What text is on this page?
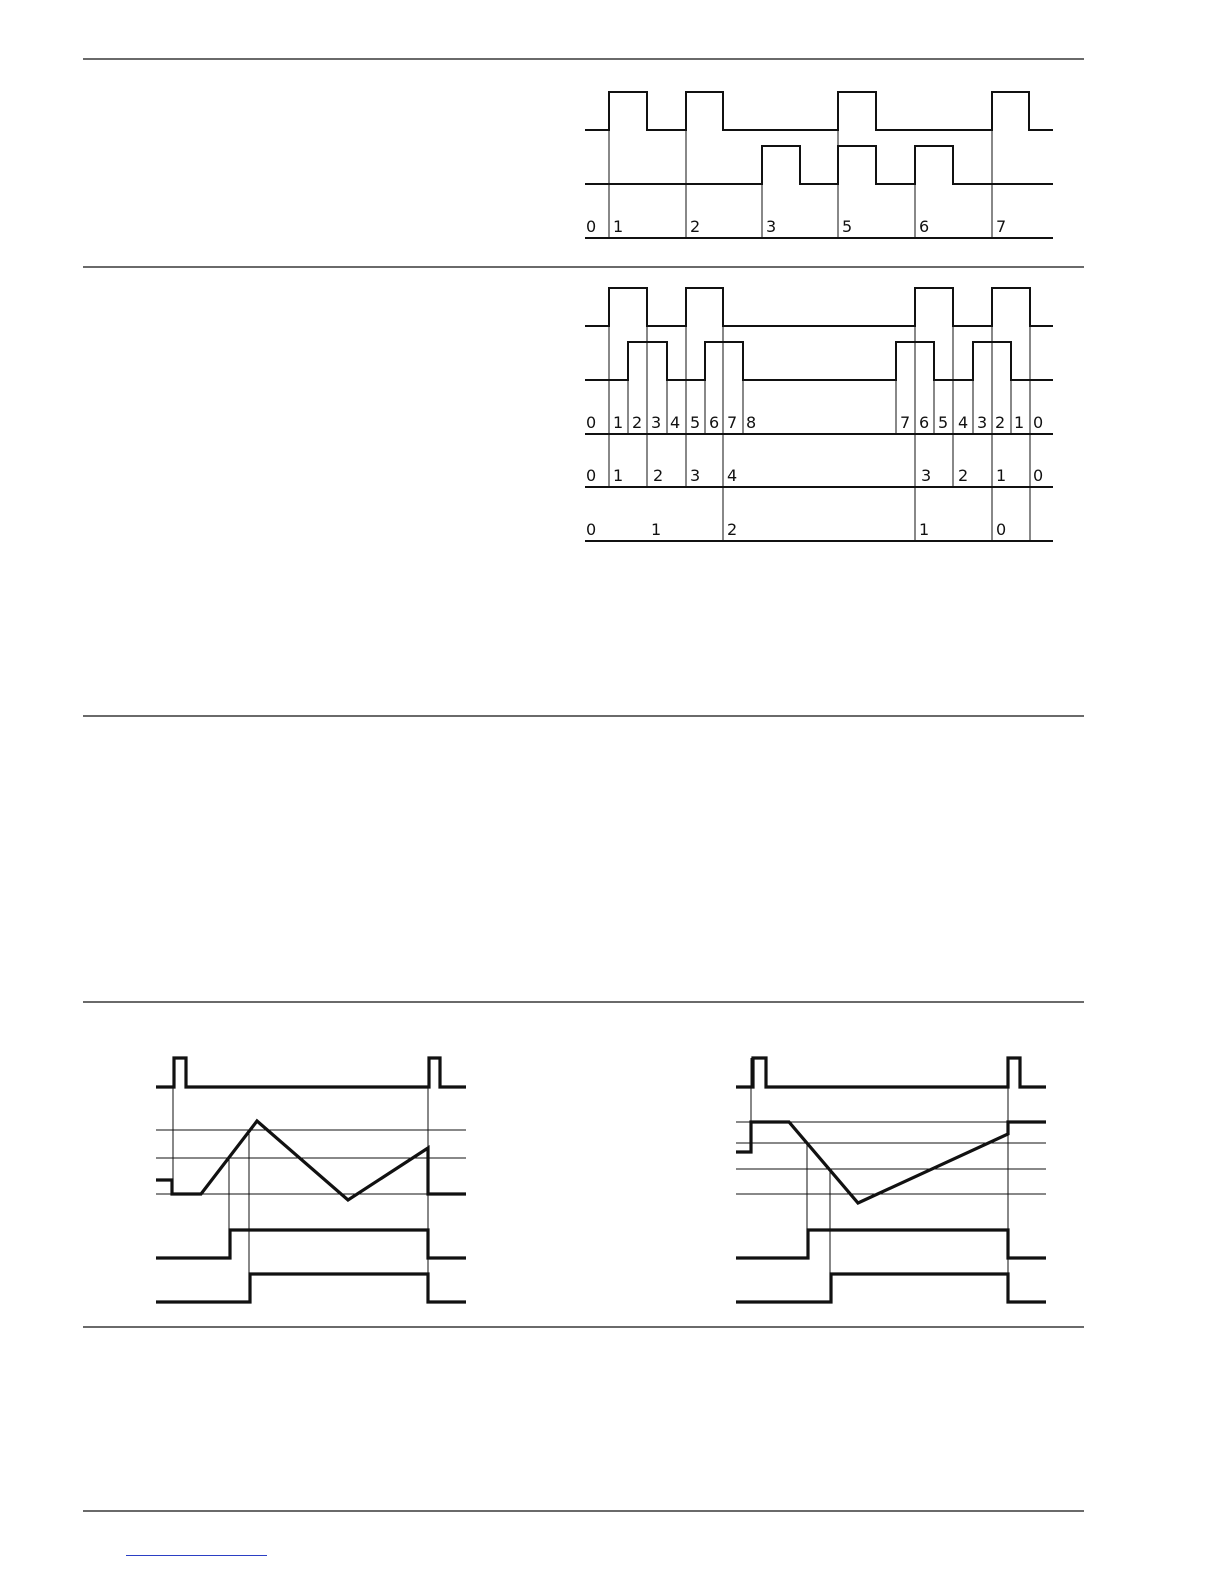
0 1	2	3	5	6	7
0 1 2 3 4 5 6 7 8	7 6 5 4 3 2 1 0
0 1 2 3 4	3 2 1 0
0	1	2	1	0
